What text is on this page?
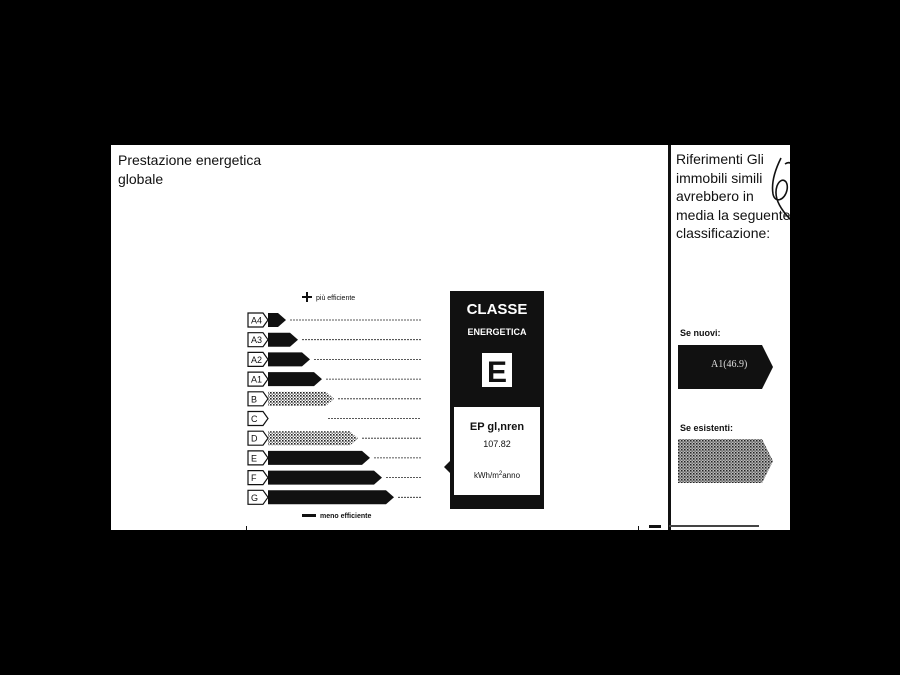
Prestazione energetica
globale
più efficiente
meno efficiente
A4
A3
A2
A1
B
C
D
E
F
G
CLASSE
ENERGETICA
E
EP gl,nren
107.82
kWh/$m^2anno$
Riferimenti Gli immobili simili avrebbero in media la seguente classificazione:
Se nuovi:
A1(46.9)
Se esistenti:
